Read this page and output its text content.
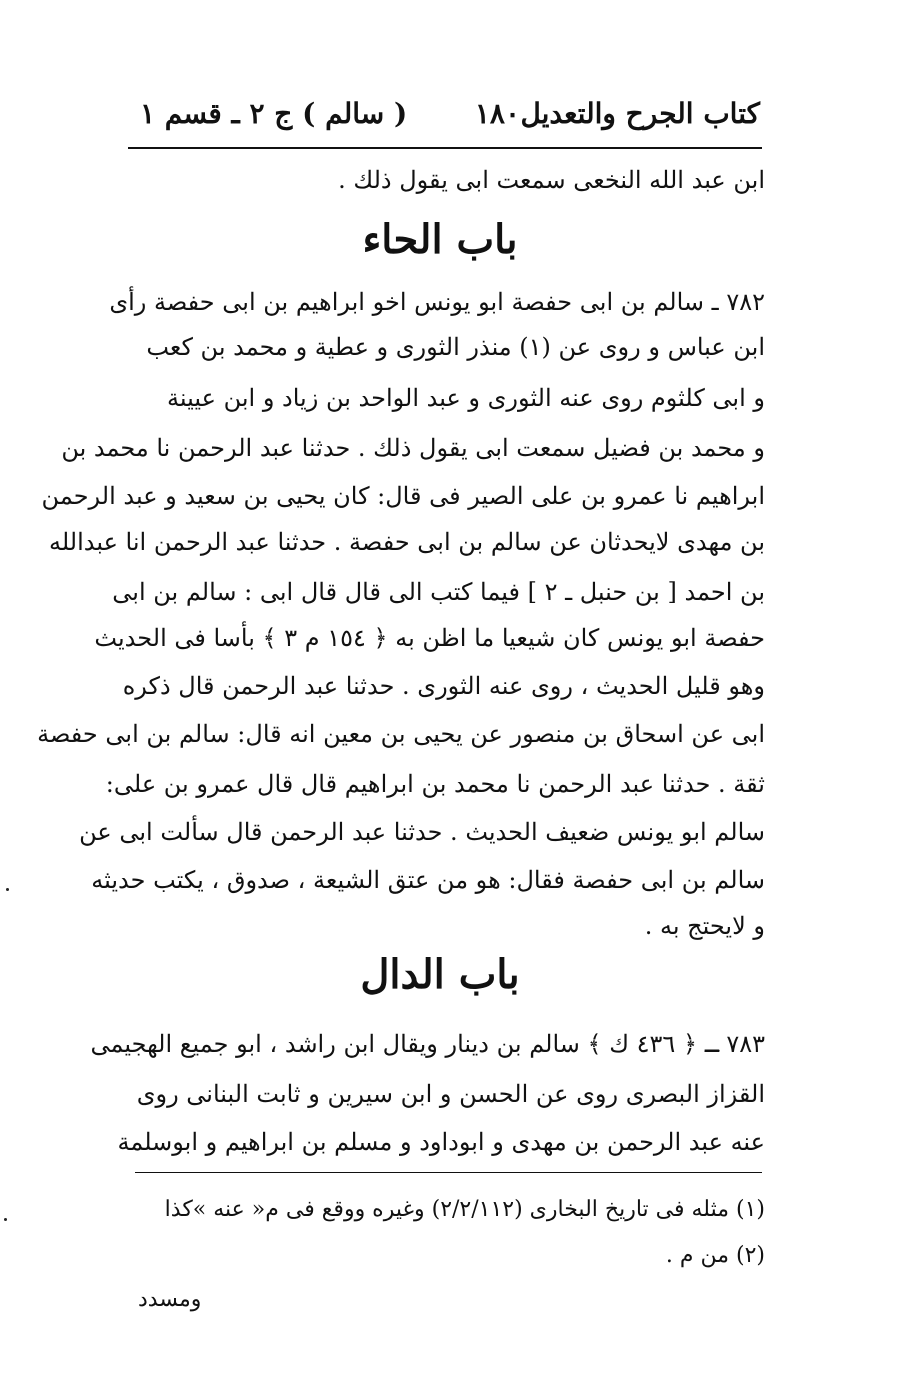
كتاب الجرح والتعديل
١٨٠
( سالم ) ج ٢ ـ قسم ١
ابن عبد الله النخعى سمعت ابى يقول ذلك .
باب الحاء
٧٨٢ ـ سالم بن ابى حفصة ابو يونس اخو ابراهيم بن ابى حفصة رأى
ابن عباس و روى عن (١) منذر الثورى و عطية و محمد بن كعب
و ابى كلثوم روى عنه الثورى و عبد الواحد بن زياد و ابن عيينة
و محمد بن فضيل سمعت ابى يقول ذلك . حدثنا عبد الرحمن نا محمد بن
ابراهيم نا عمرو بن على الصير فى قال: كان يحيى بن سعيد و عبد الرحمن
بن مهدى لايحدثان عن سالم بن ابى حفصة . حدثنا عبد الرحمن انا عبدالله
بن احمد [ بن حنبل ـ ٢ ] فيما كتب الى قال قال ابى : سالم بن ابى
حفصة ابو يونس كان شيعيا ما اظن به ﴿ ١٥٤ م ٣ ﴾ بأسا فى الحديث
وهو قليل الحديث ، روى عنه الثورى . حدثنا عبد الرحمن قال ذكره
ابى عن اسحاق بن منصور عن يحيى بن معين انه قال: سالم بن ابى حفصة
ثقة . حدثنا عبد الرحمن نا محمد بن ابراهيم قال قال عمرو بن على:
سالم ابو يونس ضعيف الحديث . حدثنا عبد الرحمن قال سألت ابى عن
سالم بن ابى حفصة فقال: هو من عتق الشيعة ، صدوق ، يكتب حديثه
و لايحتج به .
باب الدال
٧٨٣ ـ ﴿ ٤٣٦ ك ﴾ سالم بن دينار ويقال ابن راشد ، ابو جميع الهجيمى
القزاز البصرى روى عن الحسن و ابن سيرين و ثابت البنانى روى
عنه عبد الرحمن بن مهدى و ابوداود و مسلم بن ابراهيم و ابوسلمة
(١) مثله فى تاريخ البخارى (٢/٢/١١٢) وغيره ووقع فى م« عنه »كذا
(٢) من م .
ومسدد
